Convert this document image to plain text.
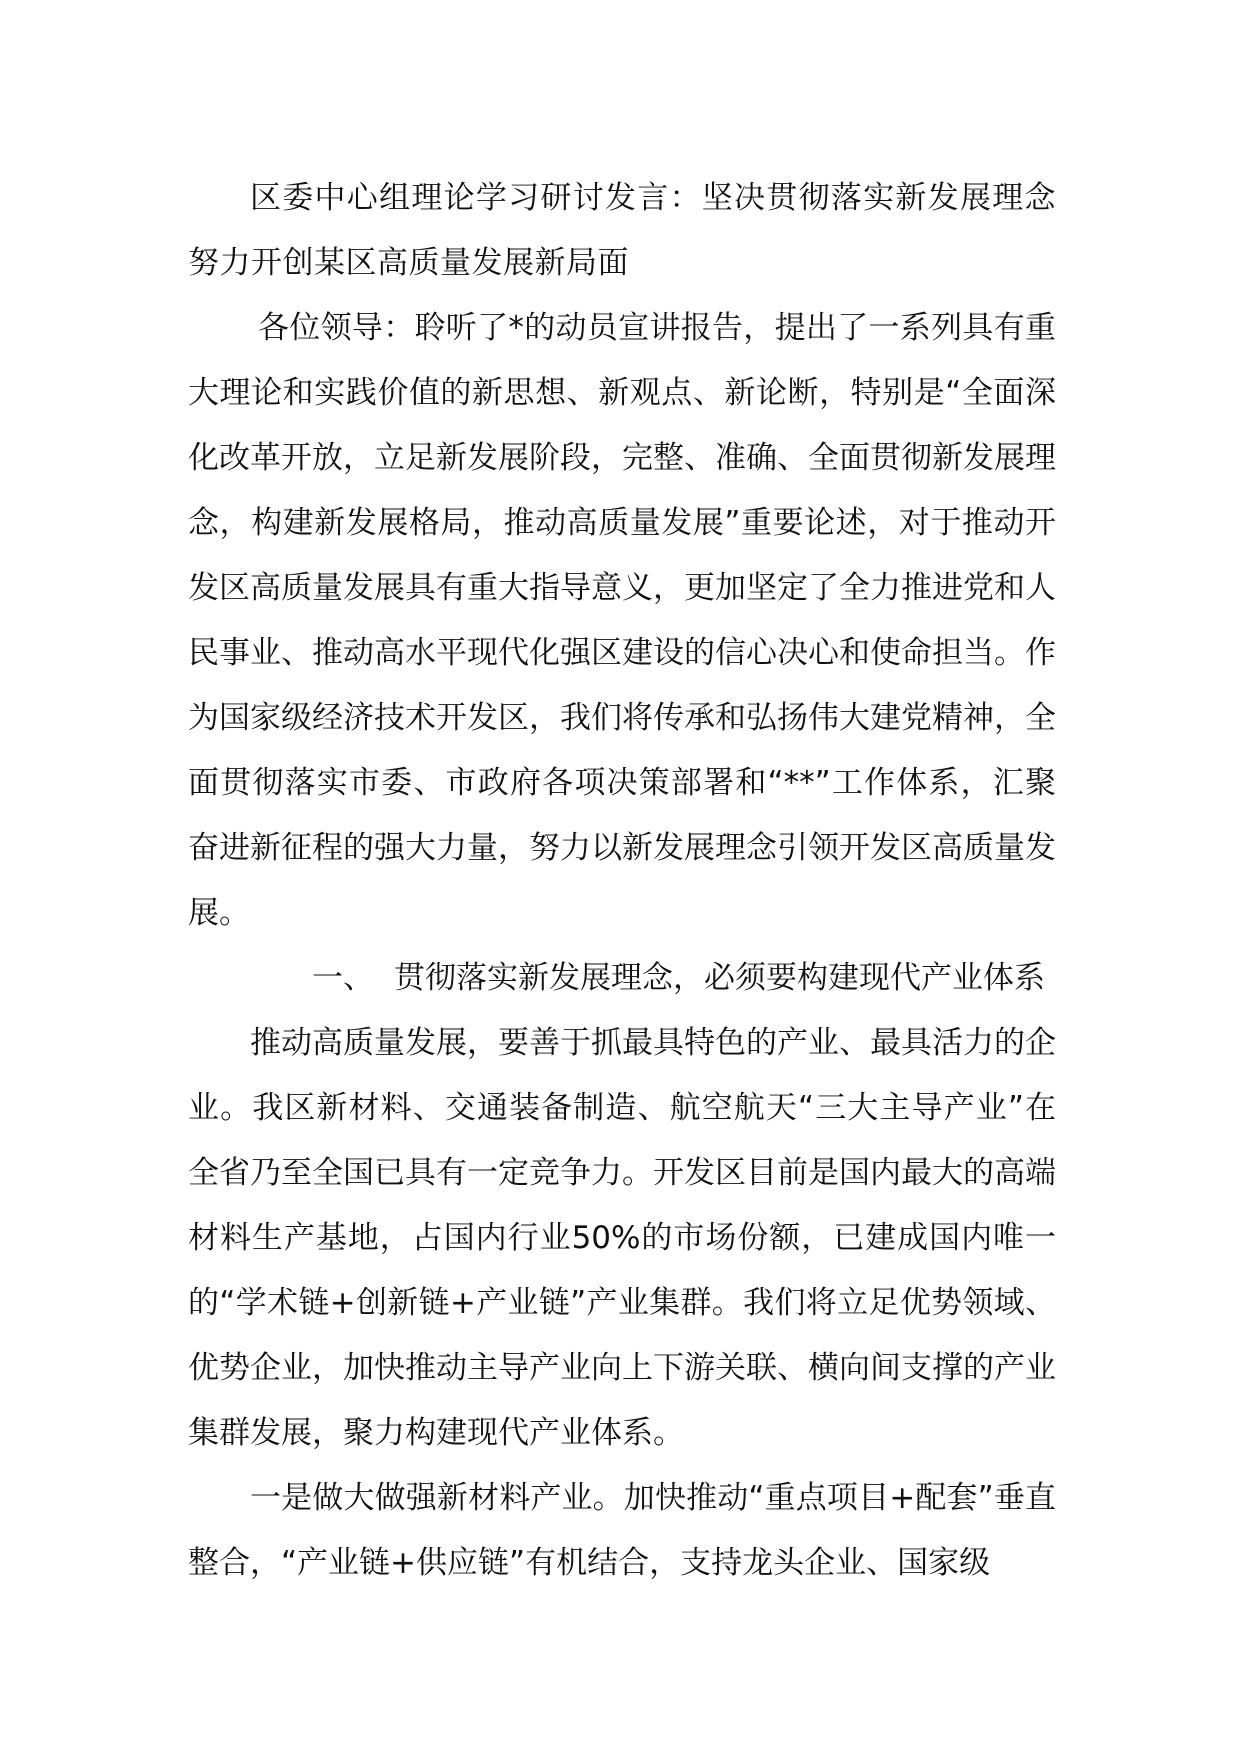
区委中心组理论学习研讨发言：坚决贯彻落实新发展理念努力开创某区高质量发展新局面

各位领导：聆听了*的动员宣讲报告，提出了一系列具有重大理论和实践价值的新思想、新观点、新论断，特别是“全面深化改革开放，立足新发展阶段，完整、准确、全面贯彻新发展理念，构建新发展格局，推动高质量发展”重要论述，对于推动开发区高质量发展具有重大指导意义，更加坚定了全力推进党和人民事业、推动高水平现代化强区建设的信心决心和使命担当。作为国家级经济技术开发区，我们将传承和弘扬伟大建党精神，全面贯彻落实市委、市政府各项决策部署和“**”工作体系，汇聚奋进新征程的强大力量，努力以新发展理念引领开发区高质量发展。

一、 贯彻落实新发展理念，必须要构建现代产业体系

推动高质量发展，要善于抓最具特色的产业、最具活力的企业。我区新材料、交通装备制造、航空航天“三大主导产业”在全省乃至全国已具有一定竞争力。开发区目前是国内最大的高端材料生产基地，占国内行业50%的市场份额，已建成国内唯一的“学术链+创新链+产业链”产业集群。我们将立足优势领域、优势企业，加快推动主导产业向上下游关联、横向间支撑的产业集群发展，聚力构建现代产业体系。

一是做大做强新材料产业。加快推动“重点项目+配套”垂直整合，“产业链+供应链”有机结合，支持龙头企业、国家级
